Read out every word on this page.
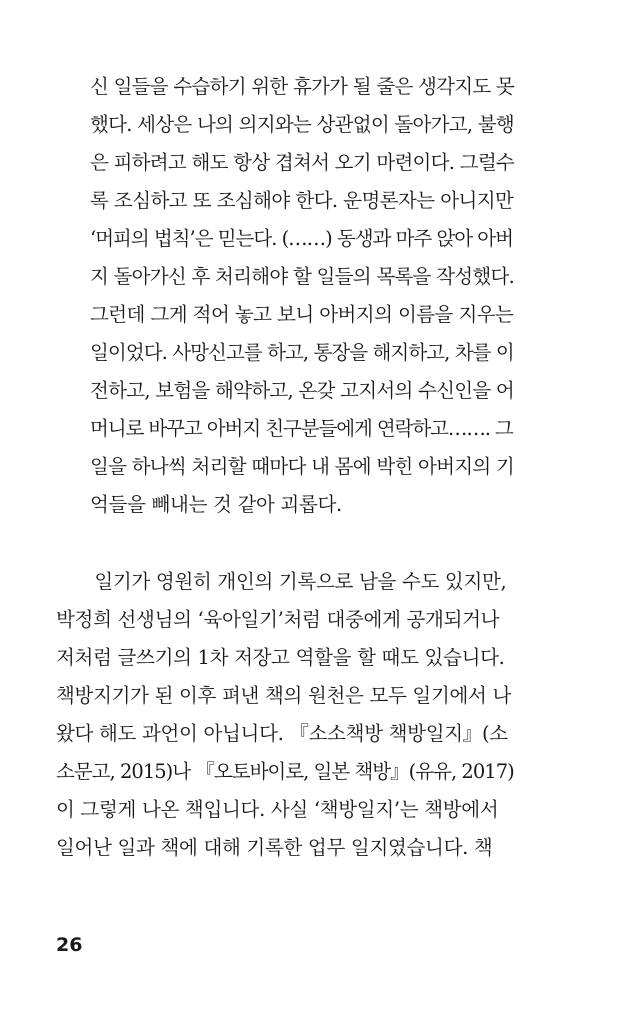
신 일들을 수습하기 위한 휴가가 될 줄은 생각지도 못
했다. 세상은 나의 의지와는 상관없이 돌아가고, 불행
은 피하려고 해도 항상 겹쳐서 오기 마련이다. 그럴수
록 조심하고 또 조심해야 한다. 운명론자는 아니지만
‘머피의 법칙’은 믿는다. (……) 동생과 마주 앉아 아버
지 돌아가신 후 처리해야 할 일들의 목록을 작성했다.
그런데 그게 적어 놓고 보니 아버지의 이름을 지우는
일이었다. 사망신고를 하고, 통장을 해지하고, 차를 이
전하고, 보험을 해약하고, 온갖 고지서의 수신인을 어
머니로 바꾸고 아버지 친구분들에게 연락하고……. 그
일을 하나씩 처리할 때마다 내 몸에 박힌 아버지의 기
억들을 빼내는 것 같아 괴롭다.
　　일기가 영원히 개인의 기록으로 남을 수도 있지만,
박정희 선생님의 ‘육아일기’처럼 대중에게 공개되거나
저처럼 글쓰기의 1차 저장고 역할을 할 때도 있습니다.
책방지기가 된 이후 펴낸 책의 원천은 모두 일기에서 나
왔다 해도 과언이 아닙니다. 『소소책방 책방일지』(소
소문고, 2015)나 『오토바이로, 일본 책방』(유유, 2017)
이 그렇게 나온 책입니다. 사실 ‘책방일지’는 책방에서
일어난 일과 책에 대해 기록한 업무 일지였습니다. 책
26
